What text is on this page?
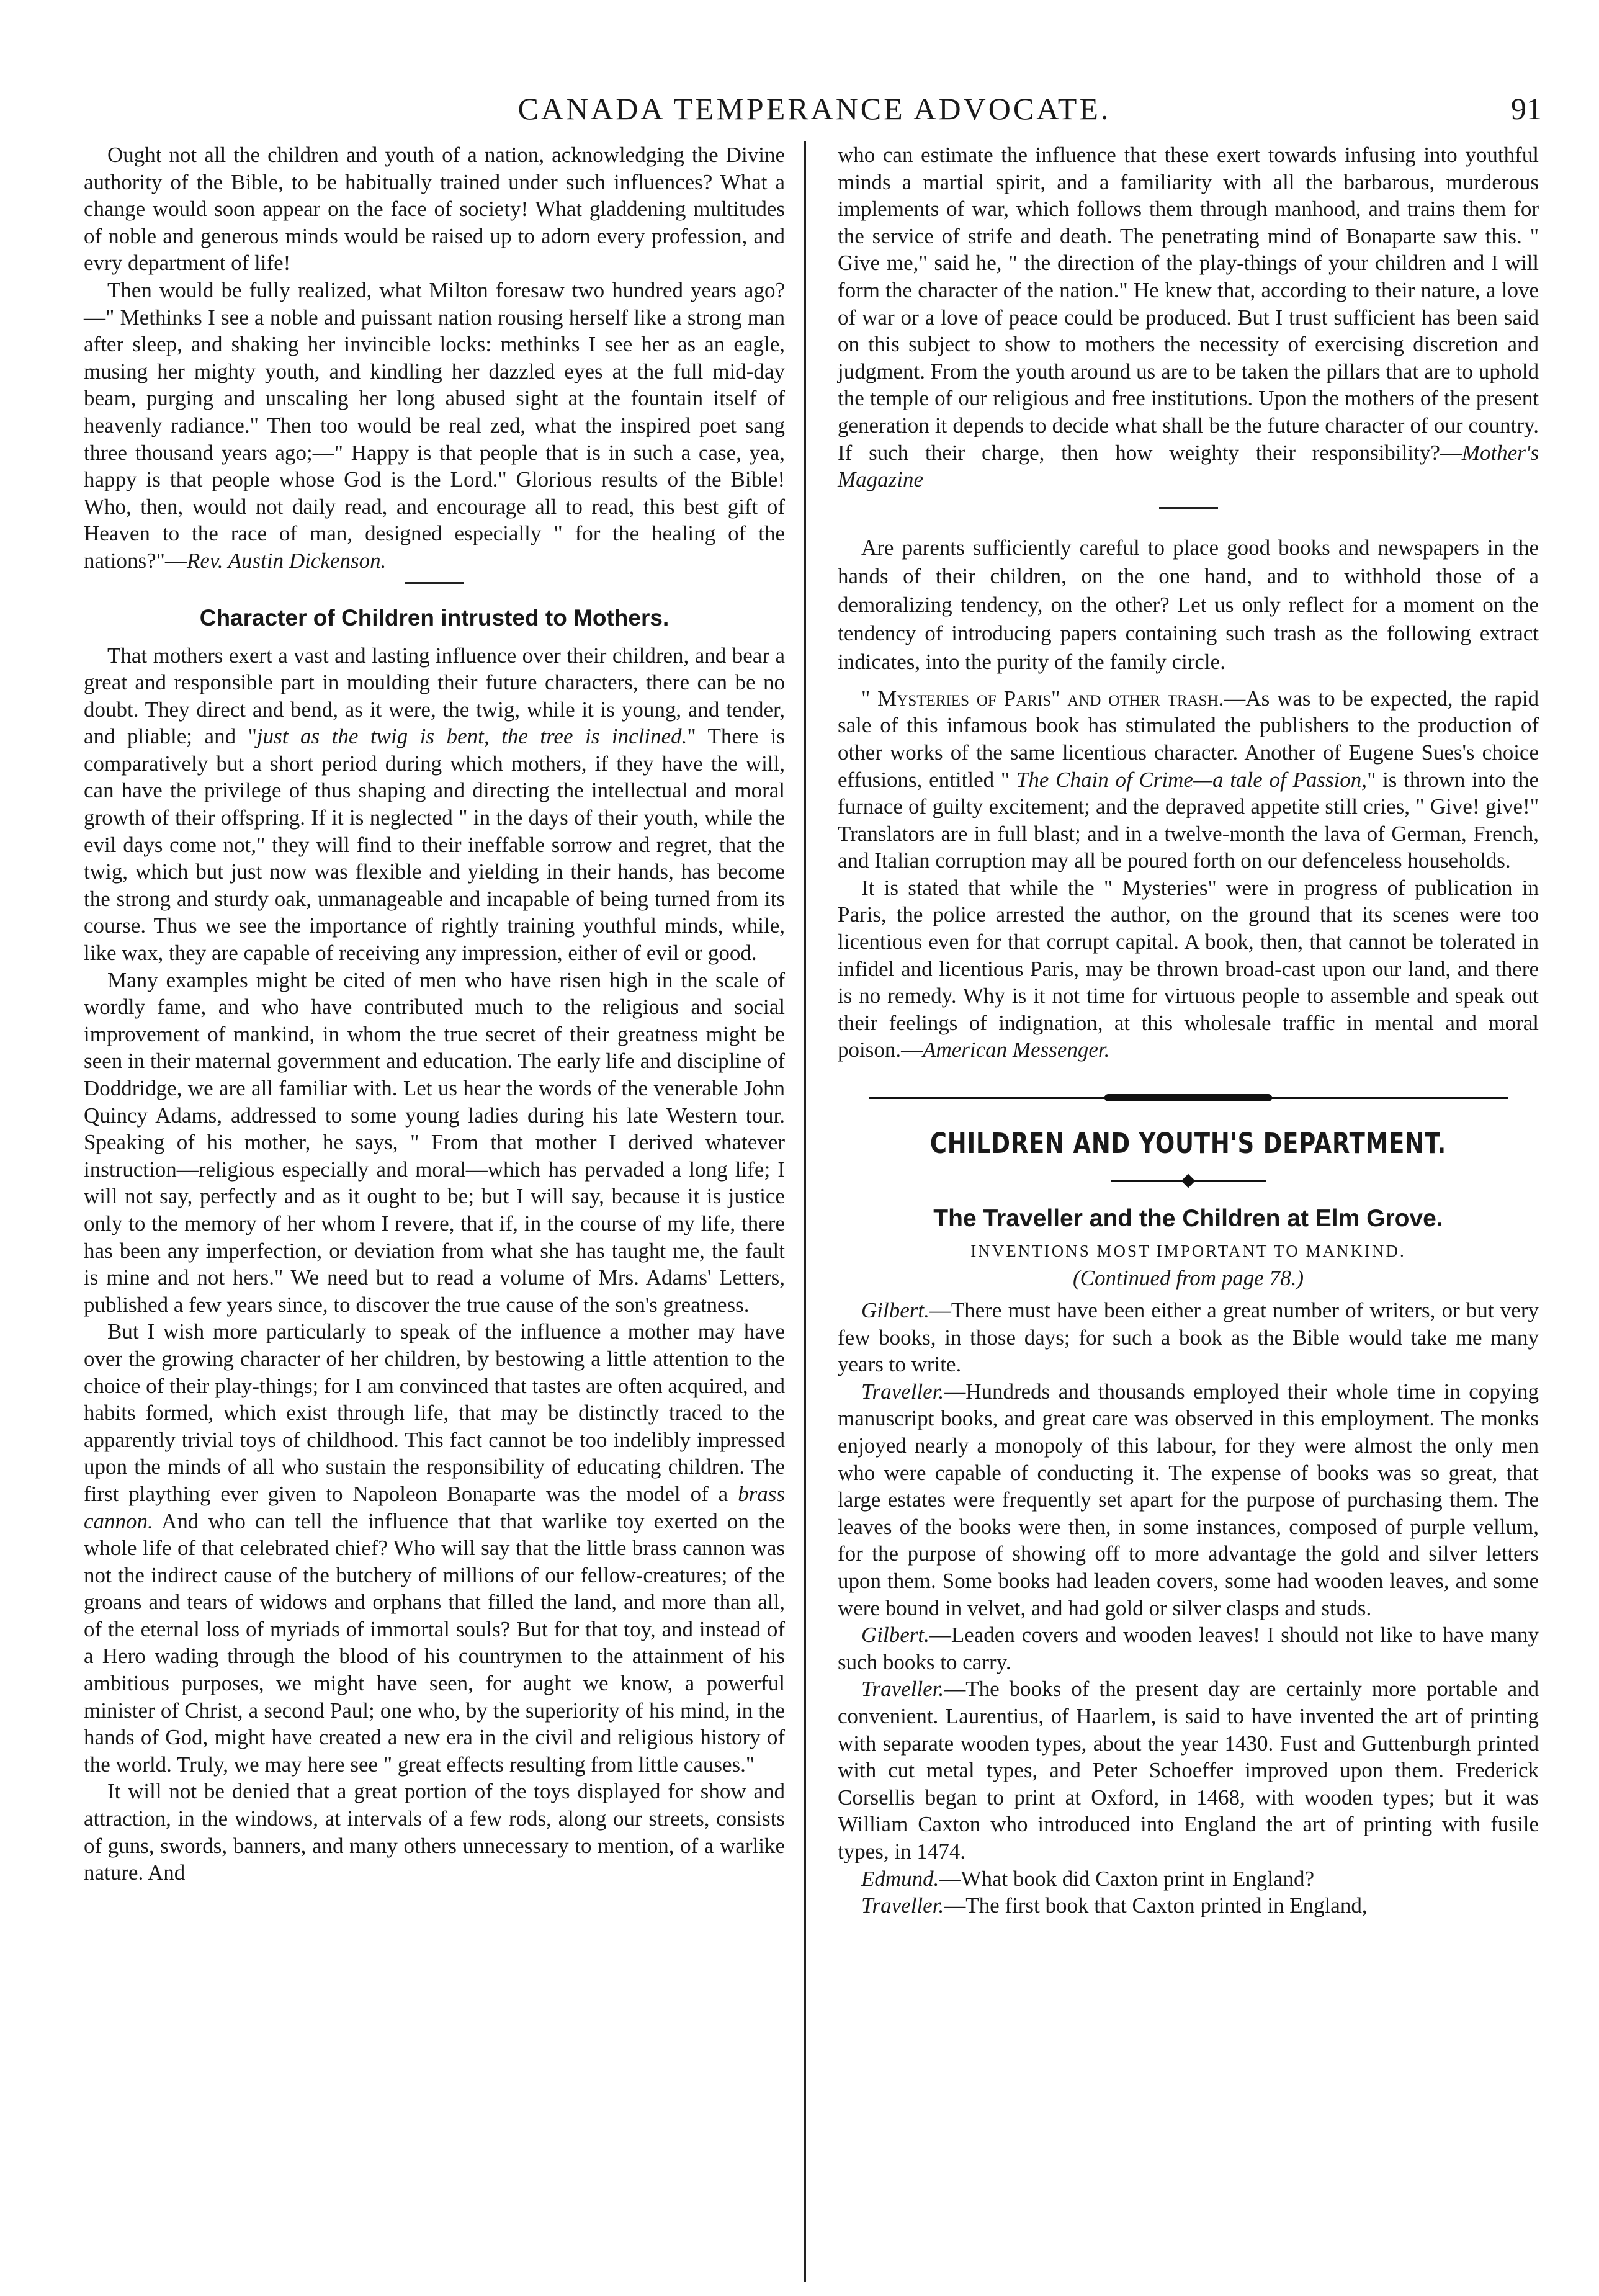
CANADA TEMPERANCE ADVOCATE.	91

Ought not all the children and youth of a nation, acknowledging the Divine authority of the Bible, to be habitually trained under such influences? What a change would soon appear on the face of society! What gladdening multitudes of noble and generous minds would be raised up to adorn every profession, and evry department of life!

Then would be fully realized, what Milton foresaw two hundred years ago?—" Methinks I see a noble and puissant nation rousing herself like a strong man after sleep, and shaking her invincible locks: methinks I see her as an eagle, musing her mighty youth, and kindling her dazzled eyes at the full mid-day beam, purging and unscaling her long abused sight at the fountain itself of heavenly radiance." Then too would be real zed, what the inspired poet sang three thousand years ago;—" Happy is that people that is in such a case, yea, happy is that people whose God is the Lord." Glorious results of the Bible! Who, then, would not daily read, and encourage all to read, this best gift of Heaven to the race of man, designed especially " for the healing of the nations?"—Rev. Austin Dickenson.

Character of Children intrusted to Mothers.

That mothers exert a vast and lasting influence over their children, and bear a great and responsible part in moulding their future characters, there can be no doubt. They direct and bend, as it were, the twig, while it is young, and tender, and pliable; and "just as the twig is bent, the tree is inclined." There is comparatively but a short period during which mothers, if they have the will, can have the privilege of thus shaping and directing the intellectual and moral growth of their offspring. If it is neglected " in the days of their youth, while the evil days come not," they will find to their ineffable sorrow and regret, that the twig, which but just now was flexible and yielding in their hands, has become the strong and sturdy oak, unmanageable and incapable of being turned from its course. Thus we see the importance of rightly training youthful minds, while, like wax, they are capable of receiving any impression, either of evil or good.

Many examples might be cited of men who have risen high in the scale of wordly fame, and who have contributed much to the religious and social improvement of mankind, in whom the true secret of their greatness might be seen in their maternal government and education. The early life and discipline of Doddridge, we are all familiar with. Let us hear the words of the venerable John Quincy Adams, addressed to some young ladies during his late Western tour. Speaking of his mother, he says, " From that mother I derived whatever instruction—religious especially and moral—which has pervaded a long life; I will not say, perfectly and as it ought to be; but I will say, because it is justice only to the memory of her whom I revere, that if, in the course of my life, there has been any imperfection, or deviation from what she has taught me, the fault is mine and not hers." We need but to read a volume of Mrs. Adams' Letters, published a few years since, to discover the true cause of the son's greatness.

But I wish more particularly to speak of the influence a mother may have over the growing character of her children, by bestowing a little attention to the choice of their play-things; for I am convinced that tastes are often acquired, and habits formed, which exist through life, that may be distinctly traced to the apparently trivial toys of childhood. This fact cannot be too indelibly impressed upon the minds of all who sustain the responsibility of educating children. The first plaything ever given to Napoleon Bonaparte was the model of a brass cannon. And who can tell the influence that that warlike toy exerted on the whole life of that celebrated chief? Who will say that the little brass cannon was not the indirect cause of the butchery of millions of our fellow-creatures; of the groans and tears of widows and orphans that filled the land, and more than all, of the eternal loss of myriads of immortal souls? But for that toy, and instead of a Hero wading through the blood of his countrymen to the attainment of his ambitious purposes, we might have seen, for aught we know, a powerful minister of Christ, a second Paul; one who, by the superiority of his mind, in the hands of God, might have created a new era in the civil and religious history of the world. Truly, we may here see " great effects resulting from little causes."

It will not be denied that a great portion of the toys displayed for show and attraction, in the windows, at intervals of a few rods, along our streets, consists of guns, swords, banners, and many others unnecessary to mention, of a warlike nature. And

who can estimate the influence that these exert towards infusing into youthful minds a martial spirit, and a familiarity with all the barbarous, murderous implements of war, which follows them through manhood, and trains them for the service of strife and death. The penetrating mind of Bonaparte saw this. " Give me," said he, " the direction of the play-things of your children and I will form the character of the nation." He knew that, according to their nature, a love of war or a love of peace could be produced. But I trust sufficient has been said on this subject to show to mothers the necessity of exercising discretion and judgment. From the youth around us are to be taken the pillars that are to uphold the temple of our religious and free institutions. Upon the mothers of the present generation it depends to decide what shall be the future character of our country. If such their charge, then how weighty their responsibility?—Mother's Magazine

Are parents sufficiently careful to place good books and newspapers in the hands of their children, on the one hand, and to withhold those of a demoralizing tendency, on the other? Let us only reflect for a moment on the tendency of introducing papers containing such trash as the following extract indicates, into the purity of the family circle.

" Mysteries of Paris" and other trash.—As was to be expected, the rapid sale of this infamous book has stimulated the publishers to the production of other works of the same licentious character. Another of Eugene Sues's choice effusions, entitled " The Chain of Crime—a tale of Passion," is thrown into the furnace of guilty excitement; and the depraved appetite still cries, " Give! give!" Translators are in full blast; and in a twelve-month the lava of German, French, and Italian corruption may all be poured forth on our defenceless households.

It is stated that while the " Mysteries" were in progress of publication in Paris, the police arrested the author, on the ground that its scenes were too licentious even for that corrupt capital. A book, then, that cannot be tolerated in infidel and licentious Paris, may be thrown broad-cast upon our land, and there is no remedy. Why is it not time for virtuous people to assemble and speak out their feelings of indignation, at this wholesale traffic in mental and moral poison.—American Messenger.

CHILDREN AND YOUTH'S DEPARTMENT.
The Traveller and the Children at Elm Grove.
INVENTIONS MOST IMPORTANT TO MANKIND.
(Continued from page 78.)

Gilbert.—There must have been either a great number of writers, or but very few books, in those days; for such a book as the Bible would take me many years to write.

Traveller.—Hundreds and thousands employed their whole time in copying manuscript books, and great care was observed in this employment. The monks enjoyed nearly a monopoly of this labour, for they were almost the only men who were capable of conducting it. The expense of books was so great, that large estates were frequently set apart for the purpose of purchasing them. The leaves of the books were then, in some instances, composed of purple vellum, for the purpose of showing off to more advantage the gold and silver letters upon them. Some books had leaden covers, some had wooden leaves, and some were bound in velvet, and had gold or silver clasps and studs.

Gilbert.—Leaden covers and wooden leaves! I should not like to have many such books to carry.

Traveller.—The books of the present day are certainly more portable and convenient. Laurentius, of Haarlem, is said to have invented the art of printing with separate wooden types, about the year 1430. Fust and Guttenburgh printed with cut metal types, and Peter Schoeffer improved upon them. Frederick Corsellis began to print at Oxford, in 1468, with wooden types; but it was William Caxton who introduced into England the art of printing with fusile types, in 1474.

Edmund.—What book did Caxton print in England?

Traveller.—The first book that Caxton printed in England,
